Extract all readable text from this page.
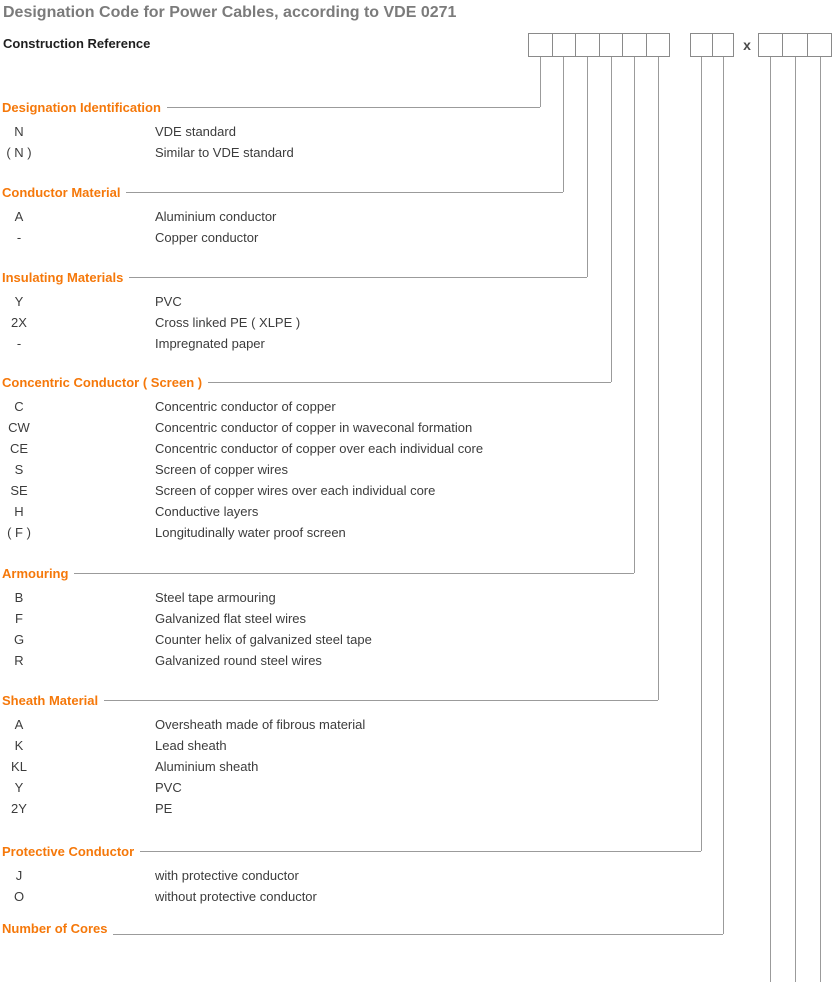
Designation Code for Power Cables, according to VDE 0271
Construction Reference	x
Designation Identification
N	VDE standard
( N )	Similar to VDE standard
Conductor Material
A	Aluminium conductor
-	Copper conductor
Insulating Materials
Y	PVC
2X	Cross linked PE ( XLPE )
-	Impregnated paper
Concentric Conductor ( Screen )
C	Concentric conductor of copper
CW	Concentric conductor of copper in waveconal formation
CE	Concentric conductor of copper over each individual core
S	Screen of copper wires
SE	Screen of copper wires over each individual core
H	Conductive layers
( F )	Longitudinally water proof screen
Armouring
B	Steel tape armouring
F	Galvanized flat steel wires
G	Counter helix of galvanized steel tape
R	Galvanized round steel wires
Sheath Material
A	Oversheath made of fibrous material
K	Lead sheath
KL	Aluminium sheath
Y	PVC
2Y	PE
Protective Conductor
J	with protective conductor
O	without protective conductor
Number of Cores
